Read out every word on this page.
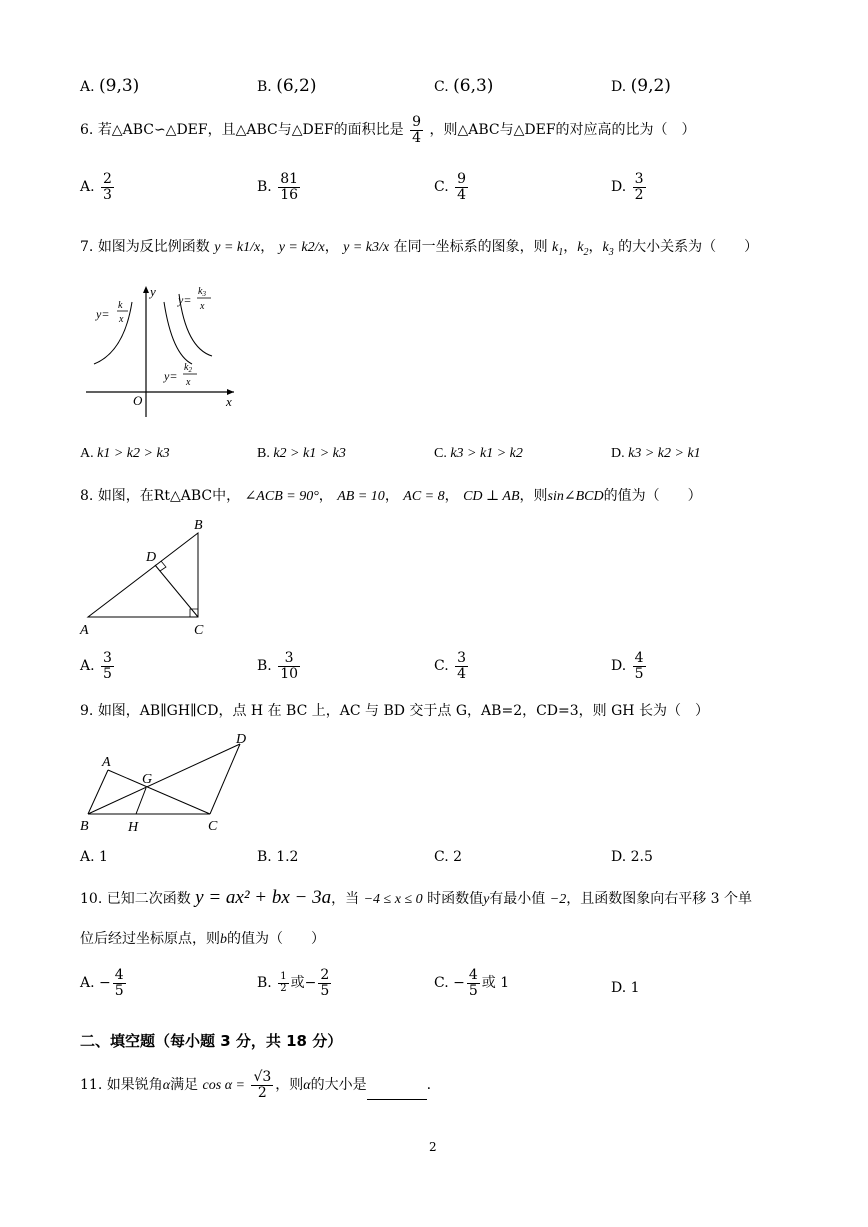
A. (9,3)	B. (6,2)	C. (6,3)	D. (9,2)
6. 若△ABC∽△DEF，且△ABC与△DEF的面积比是 $\frac{9}{4}$ ，则△ABC与△DEF的对应高的比为（　）
A. $\frac{2}{3}$	B. $\frac{81}{16}$	C. $\frac{9}{4}$	D. $\frac{3}{2}$
7. 如图为反比例函数 y = k1/x， y = k2/x， y = k3/x 在同一坐标系的图象，则 $k_1$，$k_2$，$k_3$ 的大小关系为（　　）
x
y
O
y=
k
x
y=
$k_3$
x
y=
$k_2$
x
A. k1 > k2 > k3	B. k2 > k1 > k3	C. k3 > k1 > k2	D. k3 > k2 > k1
8. 如图，在Rt△ABC中， ∠ACB = 90°， AB = 10， AC = 8， CD ⊥ AB，则sin∠BCD的值为（　　）
A	C
B
D
A. $\frac{3}{5}$	B. $\frac{3}{10}$	C. $\frac{3}{4}$	D. $\frac{4}{5}$
9. 如图，AB∥GH∥CD，点 H 在 BC 上，AC 与 BD 交于点 G，AB=2，CD=3，则 GH 长为（　）
A
B	C
D
G
H
A. 1	B. 1.2	C. 2	D. 2.5
10. 已知二次函数 y = ax² + bx − 3a，当 −4 ≤ x ≤ 0 时函数值y有最小值 −2，且函数图象向右平移 3 个单
位后经过坐标原点，则b的值为（　　）
A. − $\frac{4}{5}$	B. $\frac{1}{2}$ 或− $\frac{2}{5}$	C. − $\frac{4}{5}$ 或 1	D. 1
二、填空题（每小题 3 分，共 18 分）
11. 如果锐角α满足 $\cos \alpha = \frac{√3}{2}$ ，则α的大小是	.
2
